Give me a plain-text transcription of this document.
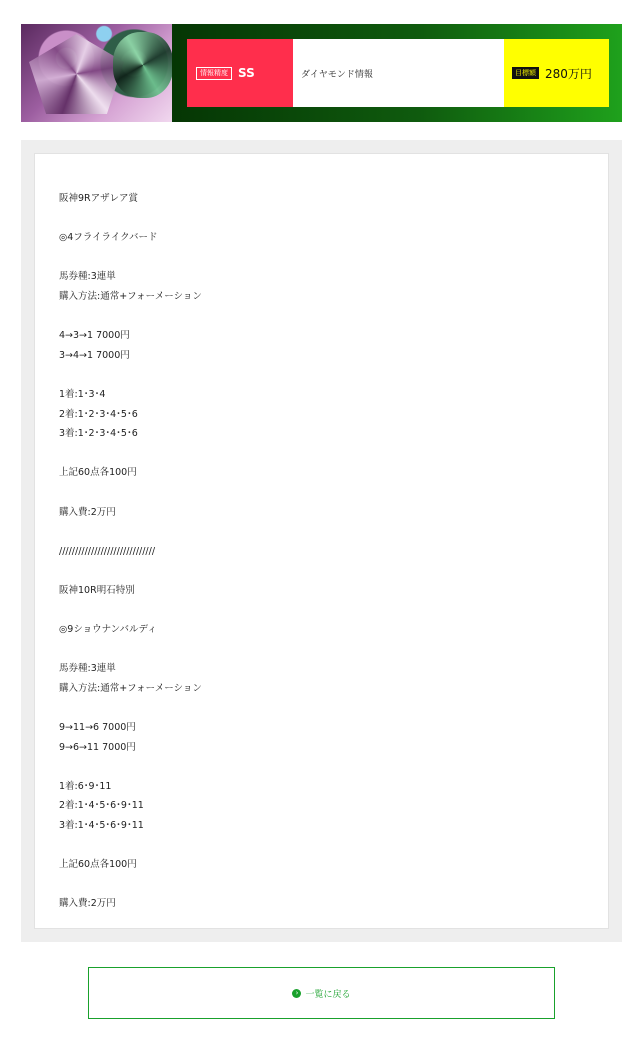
情報精度 SS	ダイヤモンド情報	目標額 280万円
阪神9Rアザレア賞
◎4フライライクバード
馬券種:3連単
購入方法:通常+フォーメーション
4→3→1 7000円
3→4→1 7000円
1着:1･3･4
2着:1･2･3･4･5･6
3着:1･2･3･4･5･6
上記60点各100円
購入費:2万円
//////////////////////////////
阪神10R明石特別
◎9ショウナンバルディ
馬券種:3連単
購入方法:通常+フォーメーション
9→11→6 7000円
9→6→11 7000円
1着:6･9･11
2着:1･4･5･6･9･11
3着:1･4･5･6･9･11
上記60点各100円
購入費:2万円
› 一覧に戻る
